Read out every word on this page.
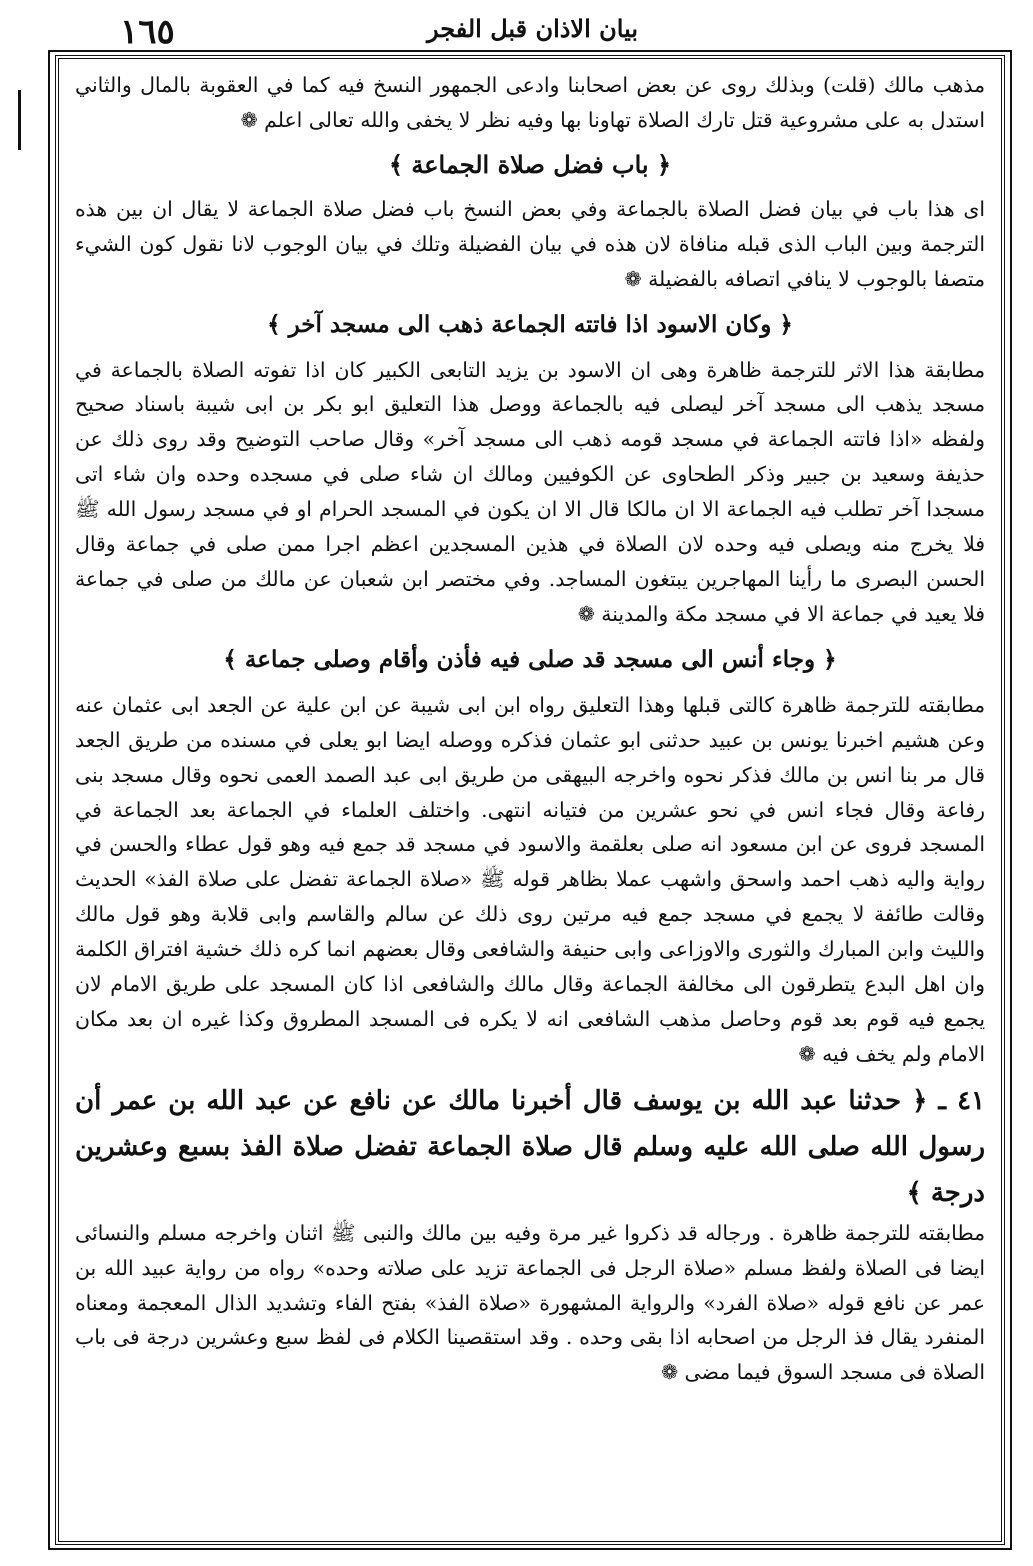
١٦٥	بيان الاذان قبل الفجر

مذهب مالك (قلت) وبذلك روى عن بعض اصحابنا وادعى الجمهور النسخ فيه كما في العقوبة بالمال والثاني استدل به على مشروعية قتل تارك الصلاة تهاونا بها وفيه نظر لا يخفى والله تعالى اعلم ❁

﴿ باب فضل صلاة الجماعة ﴾

اى هذا باب في بيان فضل الصلاة بالجماعة وفي بعض النسخ باب فضل صلاة الجماعة لا يقال ان بين هذه الترجمة وبين الباب الذى قبله منافاة لان هذه في بيان الفضيلة وتلك في بيان الوجوب لانا نقول كون الشيء متصفا بالوجوب لا ينافي اتصافه بالفضيلة ❁

﴿ وكان الاسود اذا فاتته الجماعة ذهب الى مسجد آخر ﴾

مطابقة هذا الاثر للترجمة ظاهرة وهى ان الاسود بن يزيد التابعى الكبير كان اذا تفوته الصلاة بالجماعة في مسجد يذهب الى مسجد آخر ليصلى فيه بالجماعة ووصل هذا التعليق ابو بكر بن ابى شيبة باسناد صحيح ولفظه «اذا فاتته الجماعة في مسجد قومه ذهب الى مسجد آخر» وقال صاحب التوضيح وقد روى ذلك عن حذيفة وسعيد بن جبير وذكر الطحاوى عن الكوفيين ومالك ان شاء صلى في مسجده وحده وان شاء اتى مسجدا آخر تطلب فيه الجماعة الا ان مالكا قال الا ان يكون في المسجد الحرام او في مسجد رسول الله ﷺ فلا يخرج منه ويصلى فيه وحده لان الصلاة في هذين المسجدين اعظم اجرا ممن صلى في جماعة وقال الحسن البصرى ما رأينا المهاجرين يبتغون المساجد. وفي مختصر ابن شعبان عن مالك من صلى في جماعة فلا يعيد في جماعة الا في مسجد مكة والمدينة ❁

﴿ وجاء أنس الى مسجد قد صلى فيه فأذن وأقام وصلى جماعة ﴾

مطابقته للترجمة ظاهرة كالتى قبلها وهذا التعليق رواه ابن ابى شيبة عن ابن علية عن الجعد ابى عثمان عنه وعن هشيم اخبرنا يونس بن عبيد حدثنى ابو عثمان فذكره ووصله ايضا ابو يعلى في مسنده من طريق الجعد قال مر بنا انس بن مالك فذكر نحوه واخرجه البيهقى من طريق ابى عبد الصمد العمى نحوه وقال مسجد بنى رفاعة وقال فجاء انس في نحو عشرين من فتيانه انتهى. واختلف العلماء في الجماعة بعد الجماعة في المسجد فروى عن ابن مسعود انه صلى بعلقمة والاسود في مسجد قد جمع فيه وهو قول عطاء والحسن في رواية واليه ذهب احمد واسحق واشهب عملا بظاهر قوله ﷺ «صلاة الجماعة تفضل على صلاة الفذ» الحديث وقالت طائفة لا يجمع في مسجد جمع فيه مرتين روى ذلك عن سالم والقاسم وابى قلابة وهو قول مالك والليث وابن المبارك والثورى والاوزاعى وابى حنيفة والشافعى وقال بعضهم انما كره ذلك خشية افتراق الكلمة وان اهل البدع يتطرقون الى مخالفة الجماعة وقال مالك والشافعى اذا كان المسجد على طريق الامام لان يجمع فيه قوم بعد قوم وحاصل مذهب الشافعى انه لا يكره فى المسجد المطروق وكذا غيره ان بعد مكان الامام ولم يخف فيه ❁

٤١ ـ ﴿ حدثنا عبد الله بن يوسف قال أخبرنا مالك عن نافع عن عبد الله بن عمر أن رسول الله صلى الله عليه وسلم قال صلاة الجماعة تفضل صلاة الفذ بسبع وعشرين درجة ﴾

مطابقته للترجمة ظاهرة . ورجاله قد ذكروا غير مرة وفيه بين مالك والنبى ﷺ اثنان واخرجه مسلم والنسائى ايضا فى الصلاة ولفظ مسلم «صلاة الرجل فى الجماعة تزيد على صلاته وحده» رواه من رواية عبيد الله بن عمر عن نافع قوله «صلاة الفرد» والرواية المشهورة «صلاة الفذ» بفتح الفاء وتشديد الذال المعجمة ومعناه المنفرد يقال فذ الرجل من اصحابه اذا بقى وحده . وقد استقصينا الكلام فى لفظ سبع وعشرين درجة فى باب الصلاة فى مسجد السوق فيما مضى ❁
